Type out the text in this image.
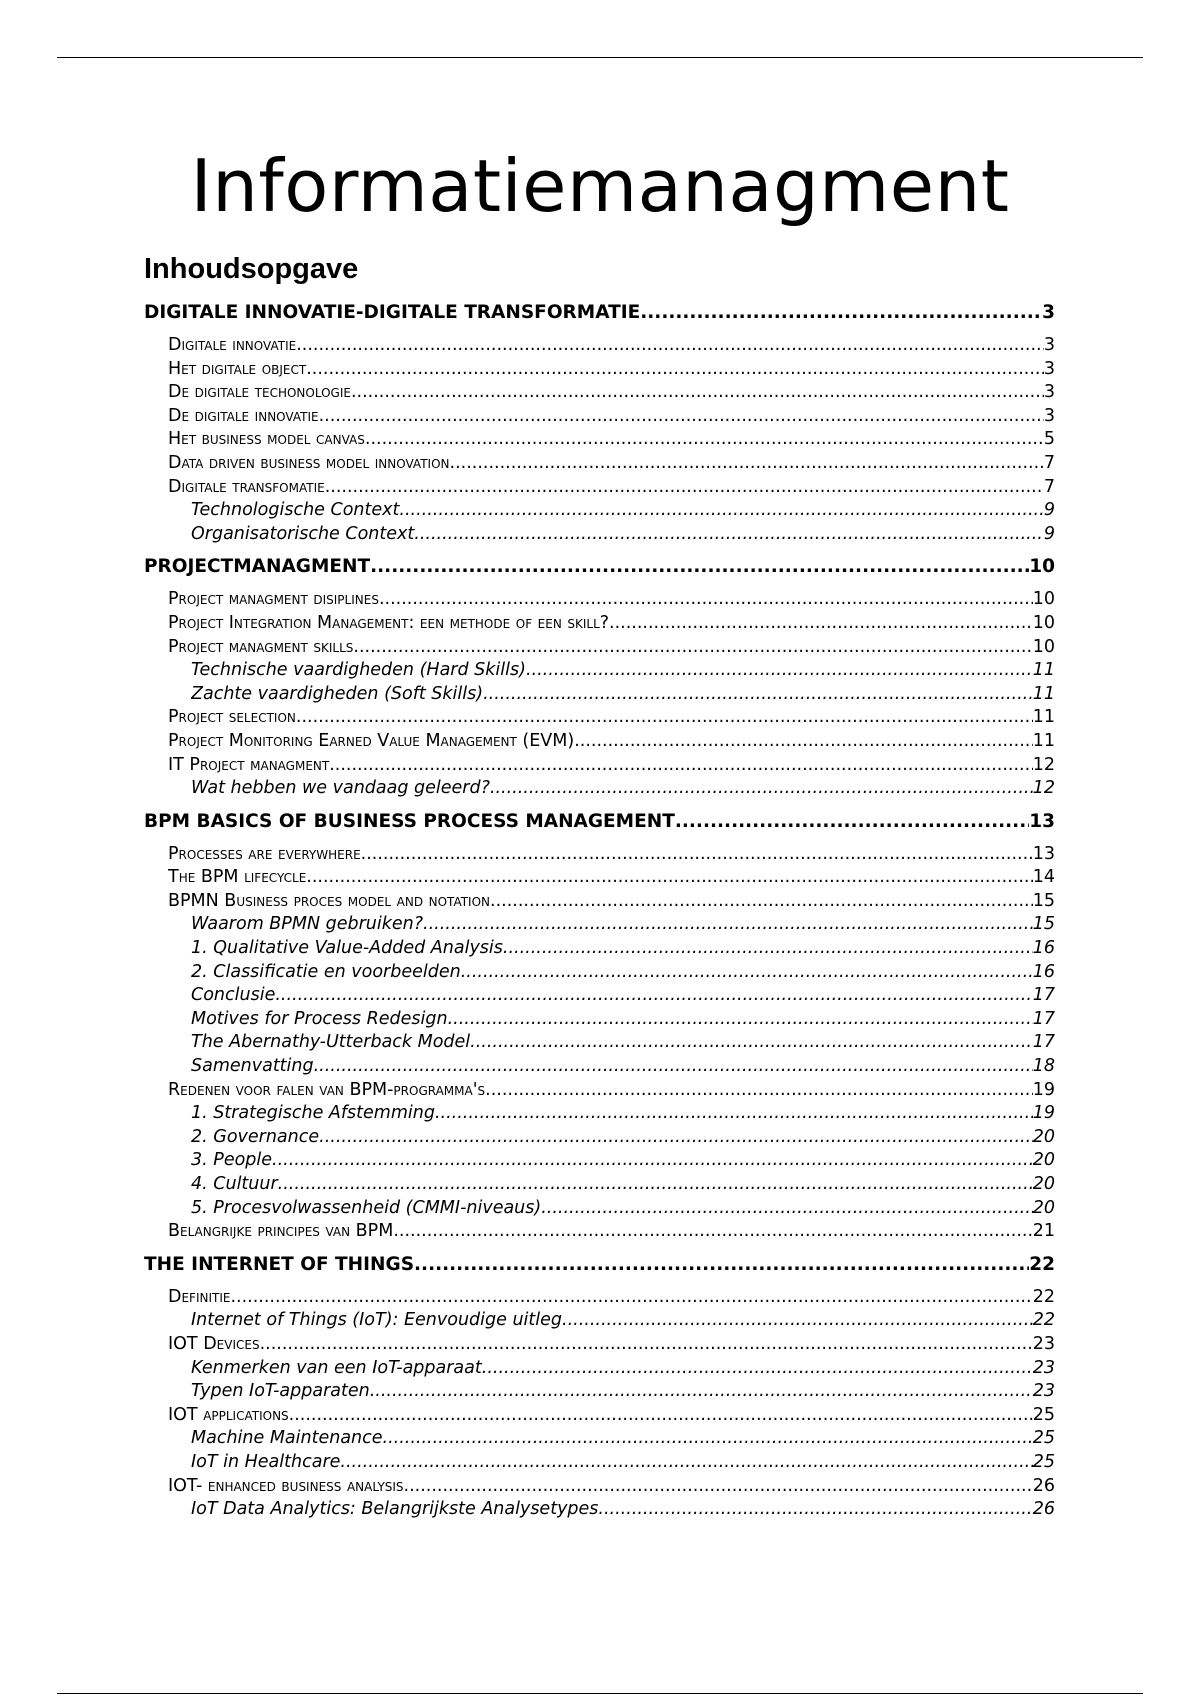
Informatiemanagment
Inhoudsopgave
DIGITALE INNOVATIE-DIGITALE TRANSFORMATIE .....	3
Digitale innovatie .....	3
Het digitale object .....	3
De digitale techonologie .....	3
De digitale innovatie .....	3
Het business model canvas .....	5
Data driven business model innovation .....	7
Digitale transfomatie .....	7
Technologische Context .....	9
Organisatorische Context .....	9
PROJECTMANAGMENT .....	10
Project managment disiplines .....	10
Project Integration Management: een methode of een skill? .....	10
Project managment skills .....	10
Technische vaardigheden (Hard Skills) .....	11
Zachte vaardigheden (Soft Skills) .....	11
Project selection .....	11
Project Monitoring Earned Value Management (EVM) .....	11
IT Project managment .....	12
Wat hebben we vandaag geleerd? .....	12
BPM BASICS OF BUSINESS PROCESS MANAGEMENT .....	13
Processes are everywhere .....	13
The BPM lifecycle .....	14
BPMN Business proces model and notation .....	15
Waarom BPMN gebruiken? .....	15
1. Qualitative Value-Added Analysis .....	16
2. Classificatie en voorbeelden .....	16
Conclusie .....	17
Motives for Process Redesign .....	17
The Abernathy-Utterback Model .....	17
Samenvatting .....	18
Redenen voor falen van BPM-programma's .....	19
1. Strategische Afstemming .....	19
2. Governance .....	20
3. People .....	20
4. Cultuur .....	20
5. Procesvolwassenheid (CMMI-niveaus) .....	20
Belangrijke principes van BPM .....	21
THE INTERNET OF THINGS .....	22
Definitie .....	22
Internet of Things (IoT): Eenvoudige uitleg .....	22
IOT Devices .....	23
Kenmerken van een IoT-apparaat .....	23
Typen IoT-apparaten .....	23
IOT applications .....	25
Machine Maintenance .....	25
IoT in Healthcare .....	25
IOT- enhanced business analysis .....	26
IoT Data Analytics: Belangrijkste Analysetypes .....	26
